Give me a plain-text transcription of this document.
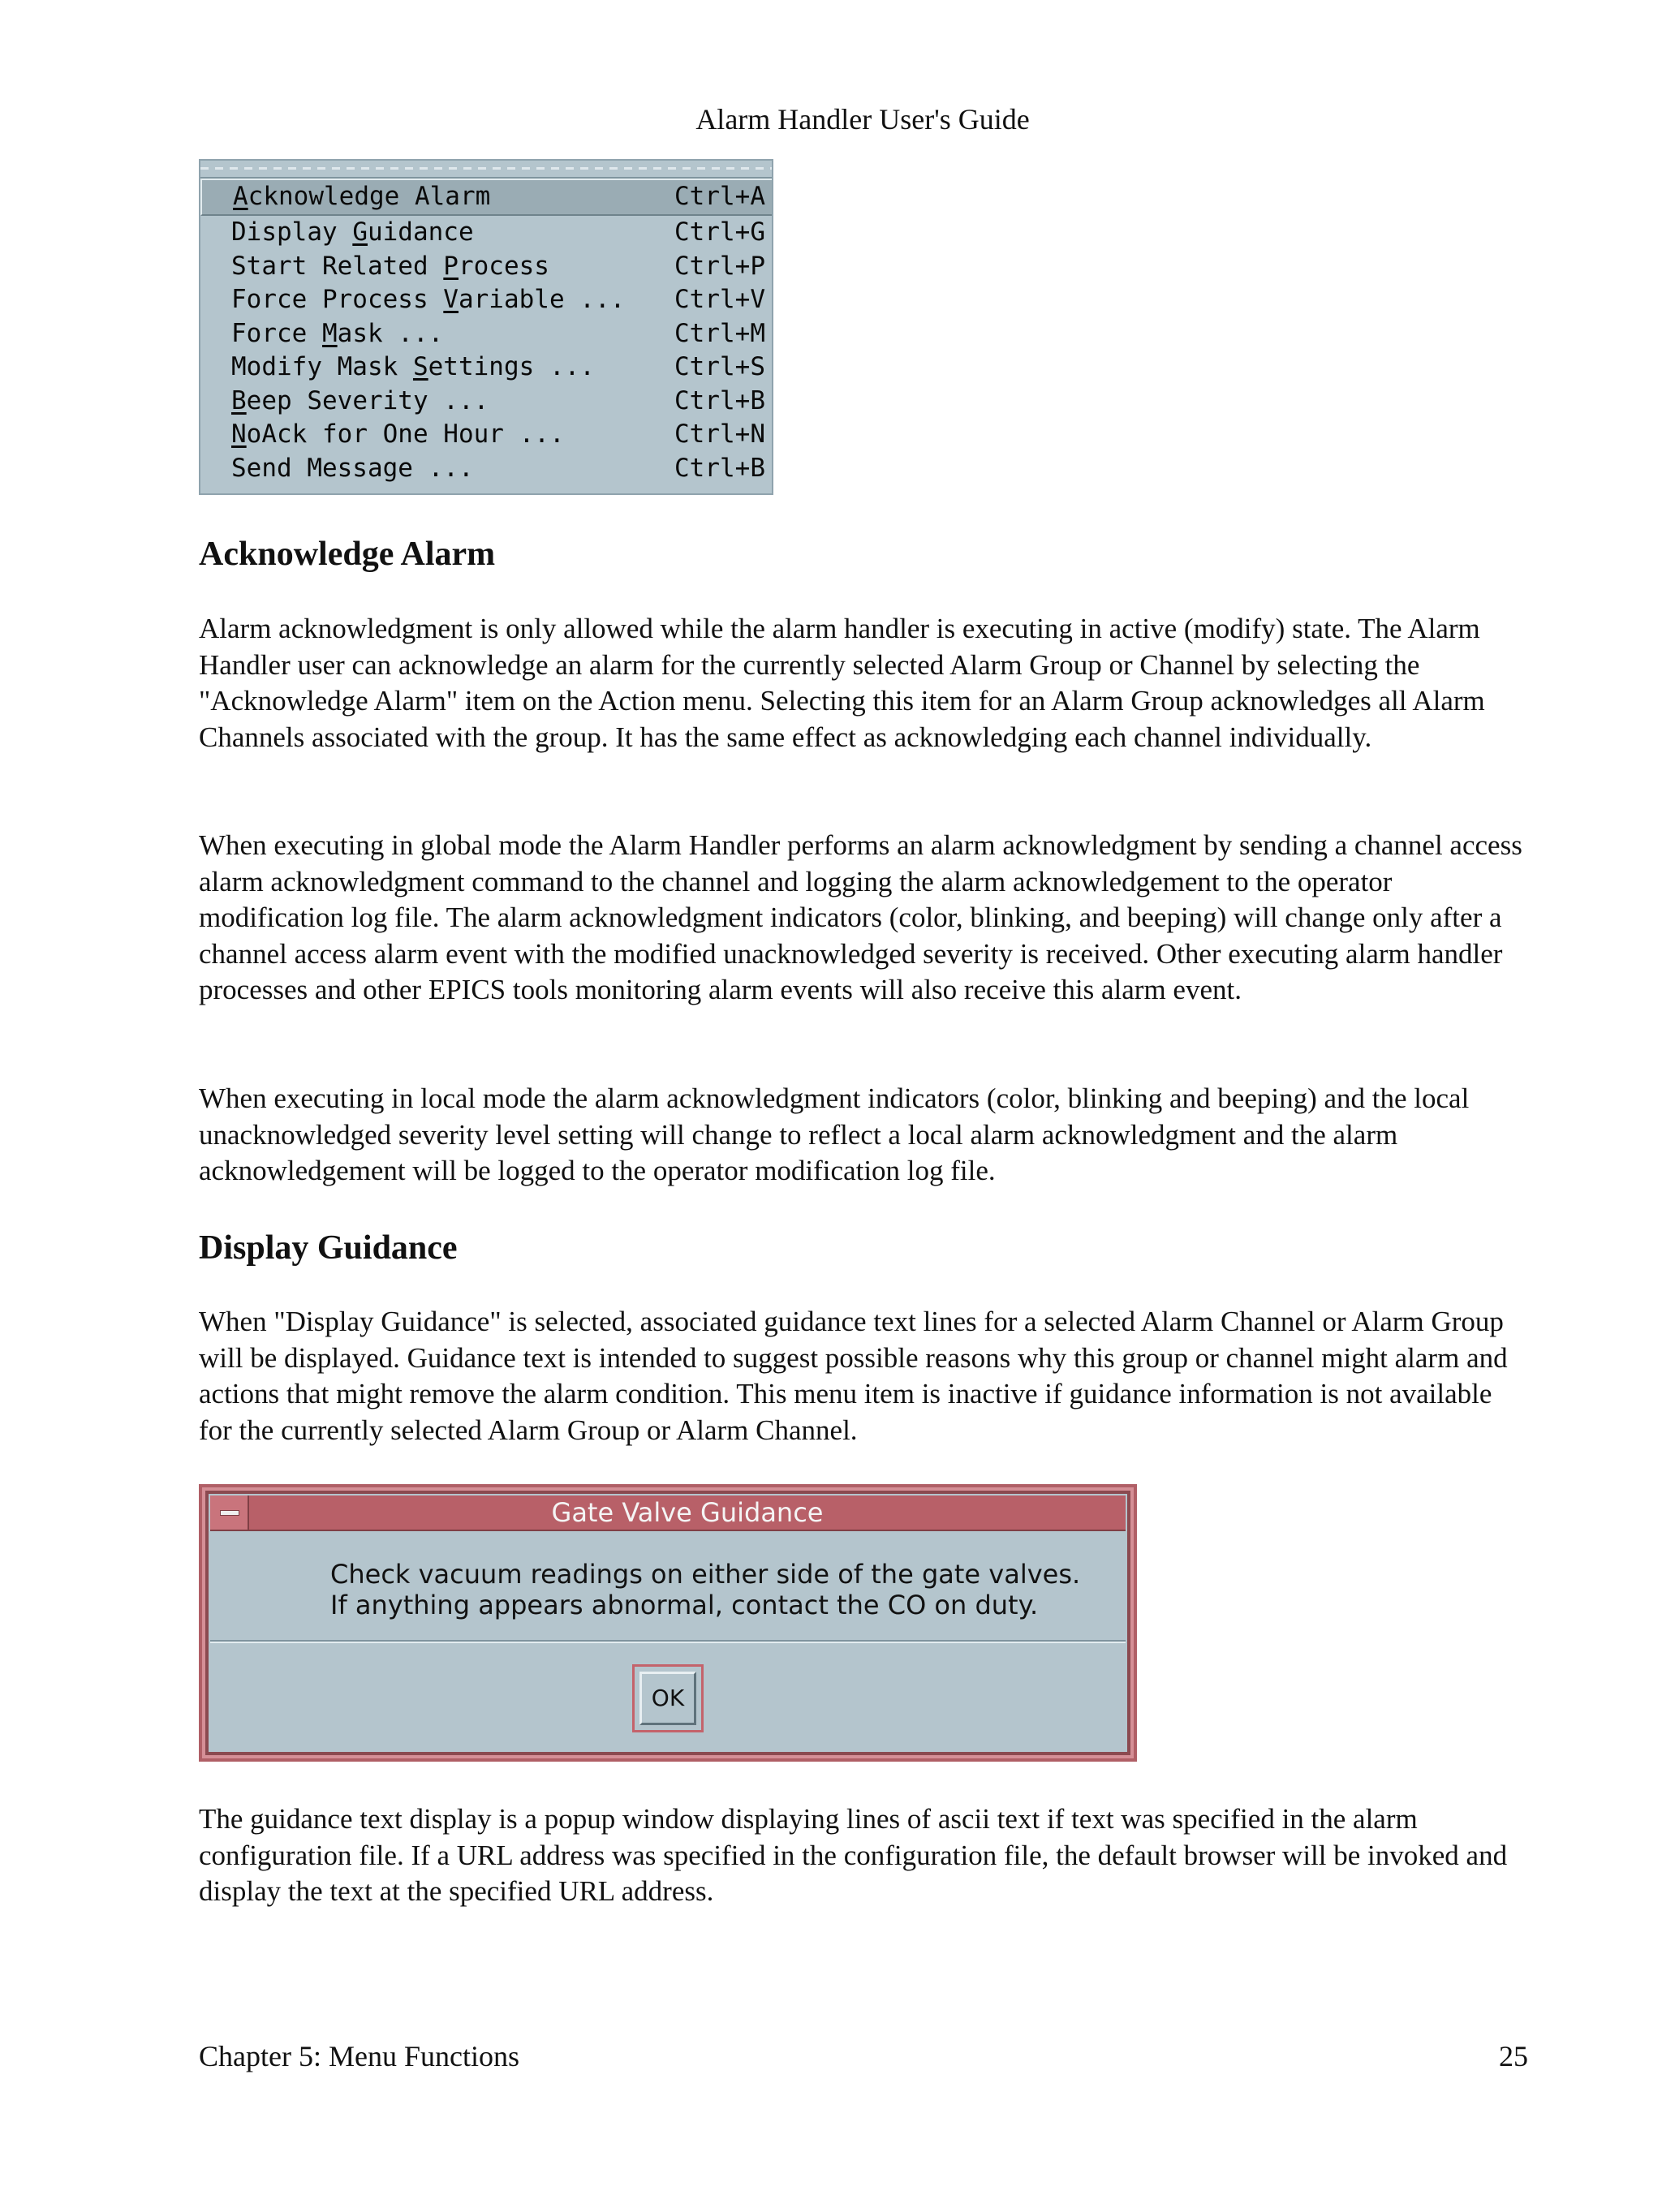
Alarm Handler User's Guide
Acknowledge Alarm	Ctrl+A
Display Guidance	Ctrl+G
Start Related Process	Ctrl+P
Force Process Variable ... Ctrl+V
Force Mask ...	Ctrl+M
Modify Mask Settings ...	Ctrl+S
Beep Severity ...	Ctrl+B
NoAck for One Hour ...	Ctrl+N
Send Message ...	Ctrl+B
Acknowledge Alarm

Alarm acknowledgment is only allowed while the alarm handler is executing in active (modify) state. The Alarm Handler user can acknowledge an alarm for the currently selected Alarm Group or Channel by selecting the "Acknowledge Alarm" item on the Action menu. Selecting this item for an Alarm Group acknowledges all Alarm Channels associated with the group. It has the same effect as acknowledging each channel individually.

When executing in global mode the Alarm Handler performs an alarm acknowledgment by sending a channel access alarm acknowledgment command to the channel and logging the alarm acknowledgement to the operator modification log file. The alarm acknowledgment indicators (color, blinking, and beeping) will change only after a channel access alarm event with the modified unacknowledged severity is received. Other executing alarm handler processes and other EPICS tools monitoring alarm events will also receive this alarm event.

When executing in local mode the alarm acknowledgment indicators (color, blinking and beeping) and the local unacknowledged severity level setting will change to reflect a local alarm acknowledgment and the alarm acknowledgement will be logged to the operator modification log file.

Display Guidance

When "Display Guidance" is selected, associated guidance text lines for a selected Alarm Channel or Alarm Group will be displayed. Guidance text is intended to suggest possible reasons why this group or channel might alarm and actions that might remove the alarm condition. This menu item is inactive if guidance information is not available for the currently selected Alarm Group or Alarm Channel.

Gate Valve Guidance
Check vacuum readings on either side of the gate valves.
If anything appears abnormal, contact the CO on duty.
OK

The guidance text display is a popup window displaying lines of ascii text if text was specified in the alarm configuration file. If a URL address was specified in the configuration file, the default browser will be invoked and display the text at the specified URL address.

Chapter 5: Menu Functions	25
